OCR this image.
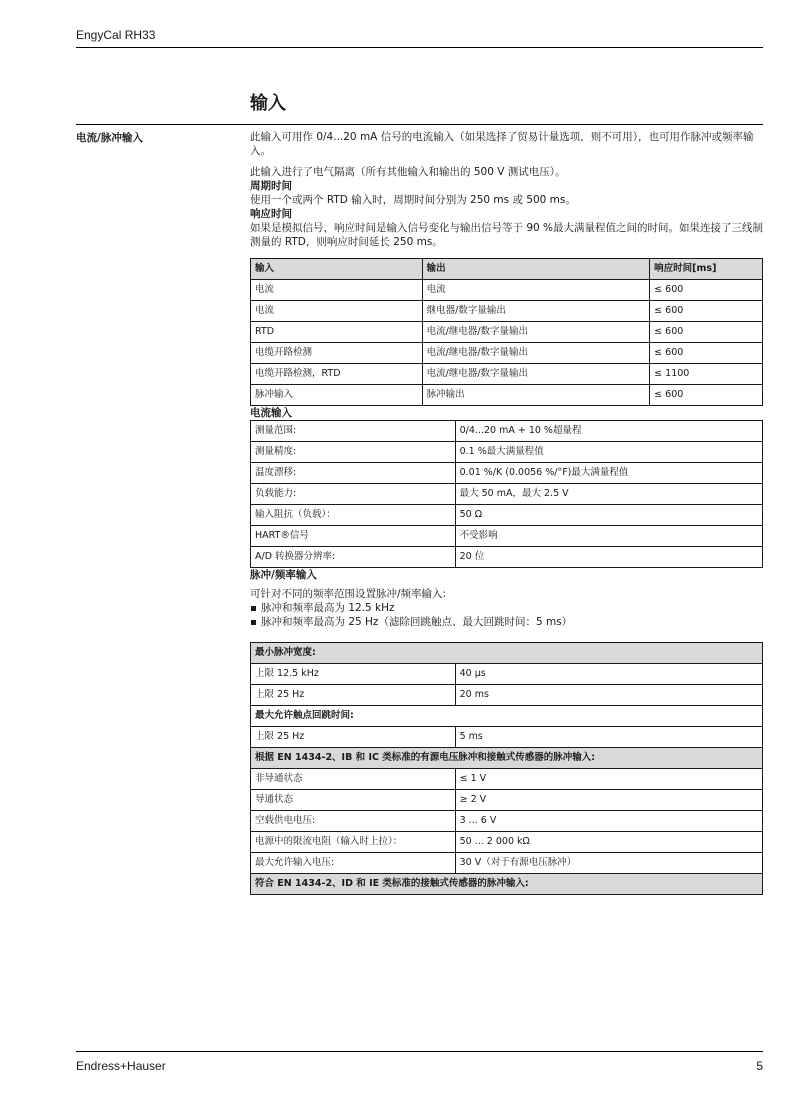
EngyCal RH33
输入
电流/脉冲输入	此输入可用作 0/4...20 mA 信号的电流输入（如果选择了贸易计量选项，则不可用），也可用作脉冲或频率输入。

此输入进行了电气隔离（所有其他输入和输出的 500 V 测试电压）。

周期时间

使用一个或两个 RTD 输入时，周期时间分别为 250 ms 或 500 ms。

响应时间

如果是模拟信号，响应时间是输入信号变化与输出信号等于 90 %最大满量程值之间的时间。如果连接了三线制测量的 RTD，则响应时间延长 250 ms。

输入	输出	响应时间[ms]
电流	电流	≤ 600
电流	继电器/数字量输出	≤ 600
RTD	电流/继电器/数字量输出	≤ 600
电缆开路检测	电流/继电器/数字量输出	≤ 600
电缆开路检测，RTD	电流/继电器/数字量输出	≤ 1100
脉冲输入	脉冲输出	≤ 600

电流输入

测量范围:	0/4...20 mA + 10 %超量程
测量精度:	0.1 %最大满量程值
温度漂移:	0.01 %/K (0.0056 %/°F)最大满量程值
负载能力:	最大 50 mA，最大 2.5 V
输入阻抗（负载）：	50 Ω
HART®信号	不受影响
A/D 转换器分辨率:	20 位

脉冲/频率输入

可针对不同的频率范围设置脉冲/频率输入:

脉冲和频率最高为 12.5 kHz
脉冲和频率最高为 25 Hz（滤除回跳触点、最大回跳时间：5 ms）
最小脉冲宽度:	
上限 12.5 kHz	40 µs
上限 25 Hz	20 ms
最大允许触点回跳时间:	
上限 25 Hz	5 ms
根据 EN 1434-2、IB 和 IC 类标准的有源电压脉冲和接触式传感器的脉冲输入:	
非导通状态	≤ 1 V
导通状态	≥ 2 V
空载供电电压:	3 ... 6 V
电源中的限流电阻（输入时上拉）：	50 ... 2 000 kΩ
最大允许输入电压:	30 V（对于有源电压脉冲）
符合 EN 1434-2、ID 和 IE 类标准的接触式传感器的脉冲输入:	
Endress+Hauser	5
